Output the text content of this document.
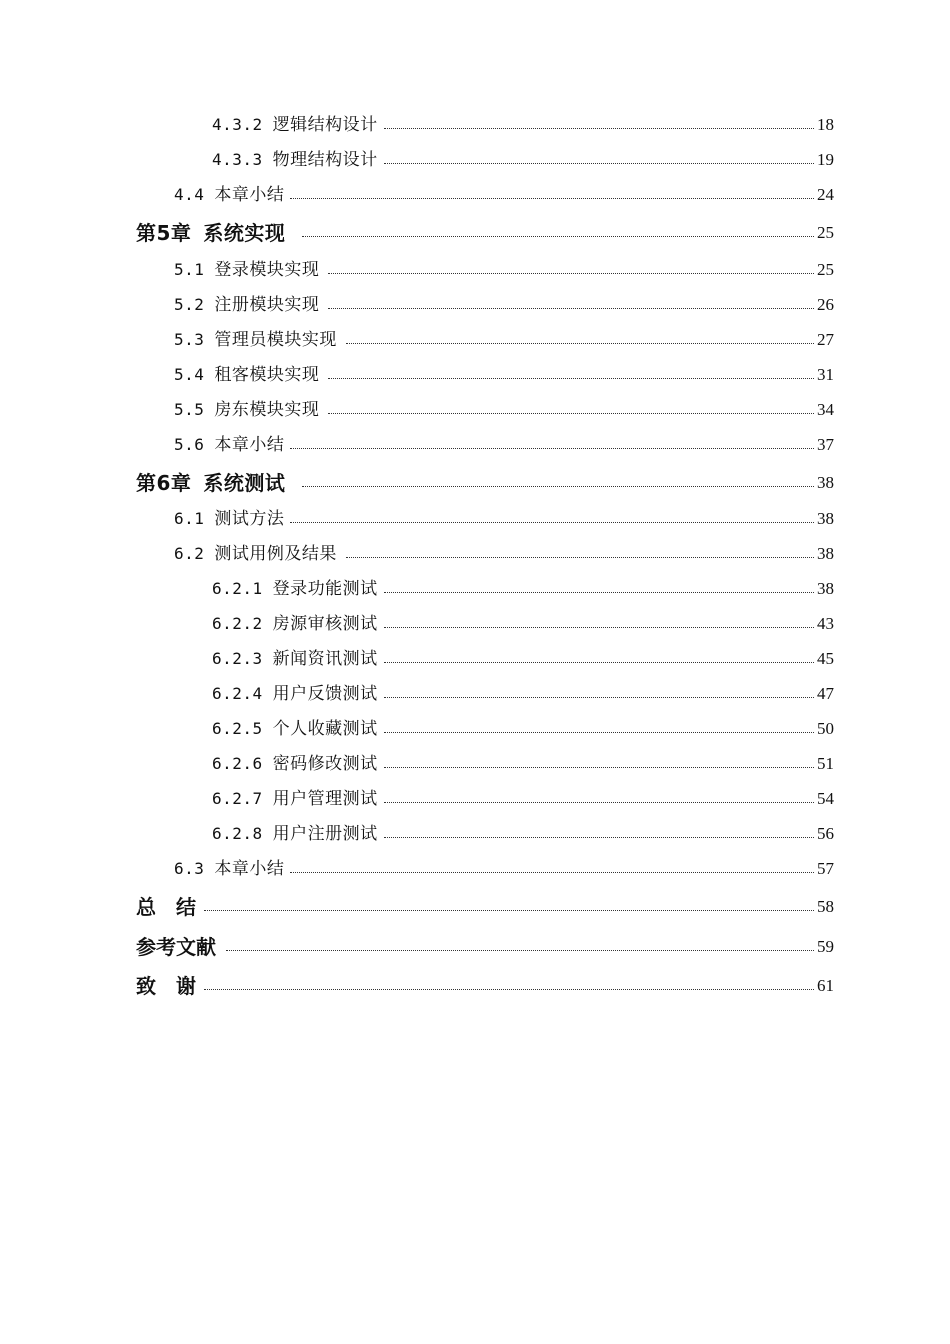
4.3.2 逻辑结构设计	18
4.3.3 物理结构设计	19
4.4 本章小结	24
第5章 系统实现	25
5.1 登录模块实现	25
5.2 注册模块实现	26
5.3 管理员模块实现	27
5.4 租客模块实现	31
5.5 房东模块实现	34
5.6 本章小结	37
第6章 系统测试	38
6.1 测试方法	38
6.2 测试用例及结果	38
6.2.1 登录功能测试	38
6.2.2 房源审核测试	43
6.2.3 新闻资讯测试	45
6.2.4 用户反馈测试	47
6.2.5 个人收藏测试	50
6.2.6 密码修改测试	51
6.2.7 用户管理测试	54
6.2.8 用户注册测试	56
6.3 本章小结	57
总　结	58
参考文献	59
致　谢	61
